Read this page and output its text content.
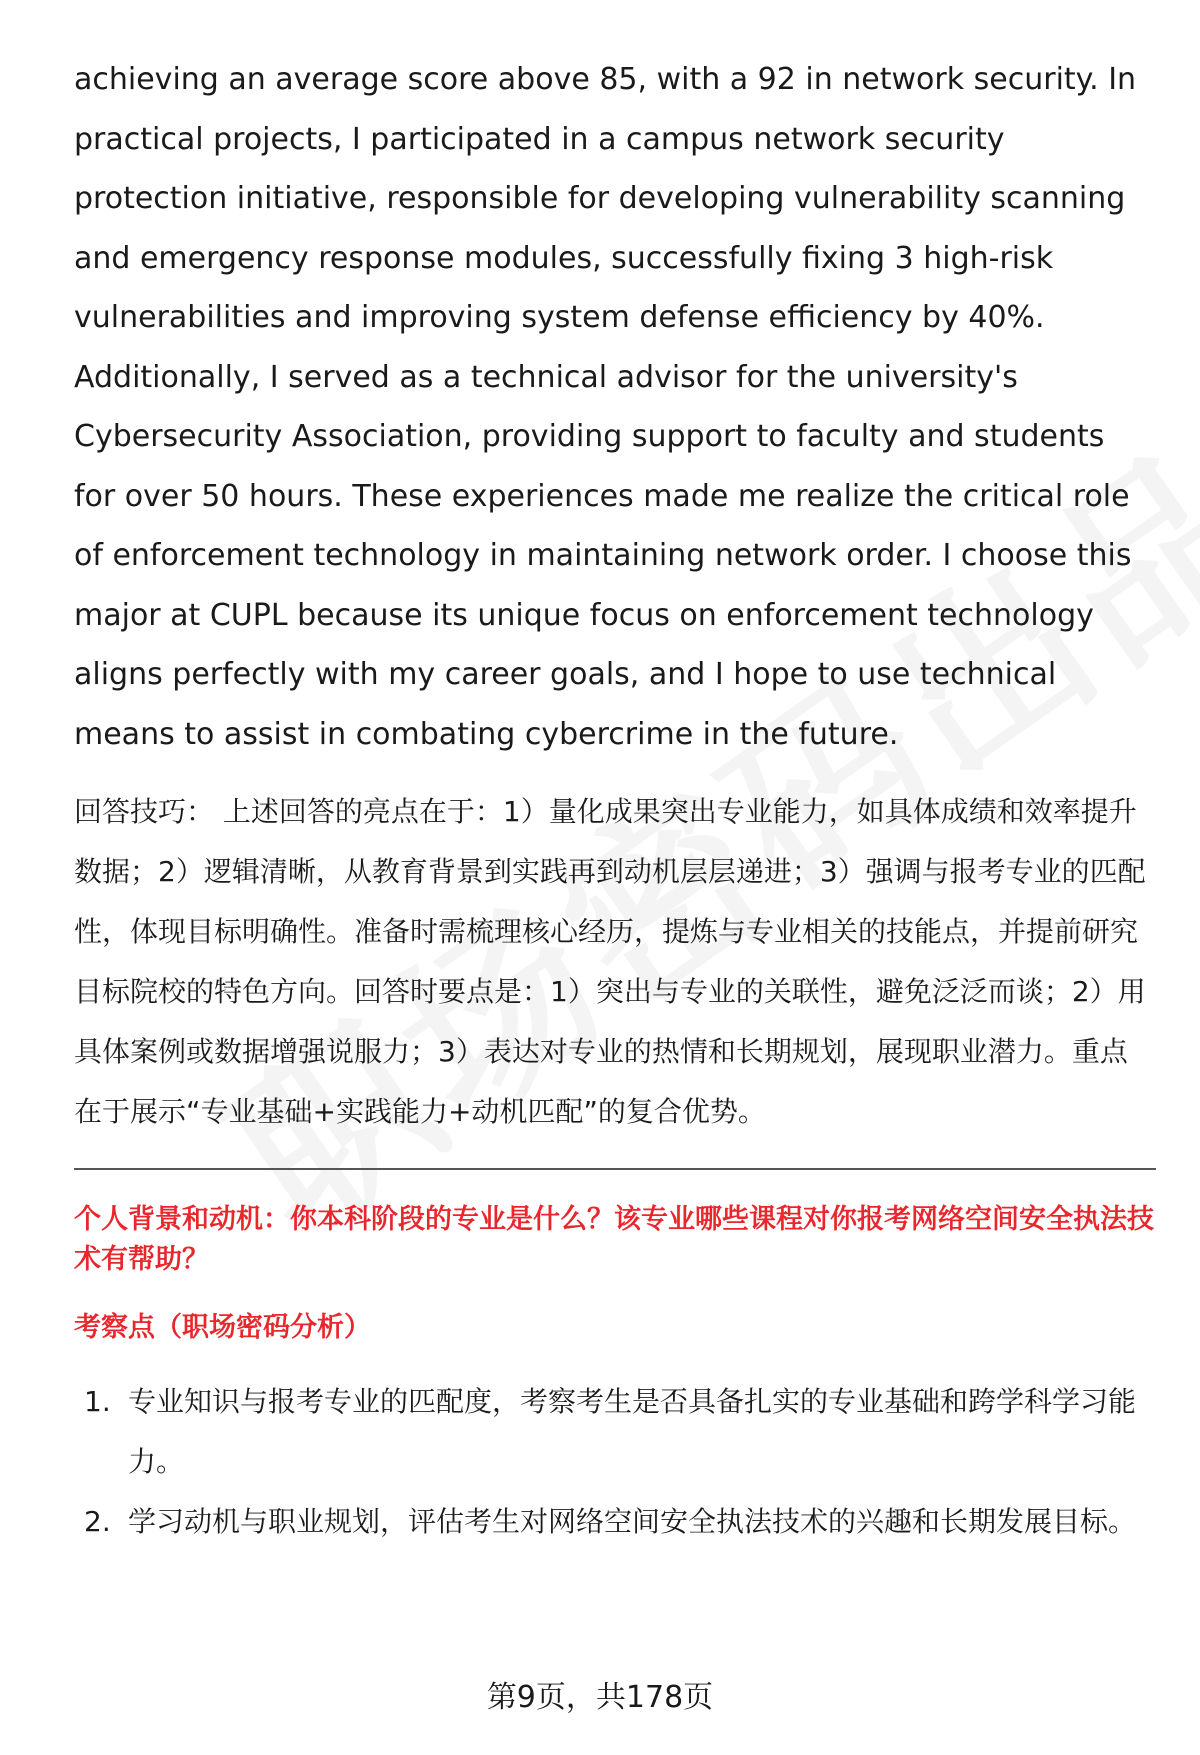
achieving an average score above 85, with a 92 in network security. In practical projects, I participated in a campus network security protection initiative, responsible for developing vulnerability scanning and emergency response modules, successfully fixing 3 high-risk vulnerabilities and improving system defense efficiency by 40%. Additionally, I served as a technical advisor for the university's Cybersecurity Association, providing support to faculty and students for over 50 hours. These experiences made me realize the critical role of enforcement technology in maintaining network order. I choose this major at CUPL because its unique focus on enforcement technology aligns perfectly with my career goals, and I hope to use technical means to assist in combating cybercrime in the future.

回答技巧： 上述回答的亮点在于：1）量化成果突出专业能力，如具体成绩和效率提升数据；2）逻辑清晰，从教育背景到实践再到动机层层递进；3）强调与报考专业的匹配性，体现目标明确性。准备时需梳理核心经历，提炼与专业相关的技能点，并提前研究目标院校的特色方向。回答时要点是：1）突出与专业的关联性，避免泛泛而谈；2）用具体案例或数据增强说服力；3）表达对专业的热情和长期规划，展现职业潜力。重点在于展示“专业基础+实践能力+动机匹配”的复合优势。
个人背景和动机：你本科阶段的专业是什么？该专业哪些课程对你报考网络空间安全执法技术有帮助？
考察点（职场密码分析）
1. 专业知识与报考专业的匹配度，考察考生是否具备扎实的专业基础和跨学科学习能力。
2. 学习动机与职业规划，评估考生对网络空间安全执法技术的兴趣和长期发展目标。
第9页，共178页
